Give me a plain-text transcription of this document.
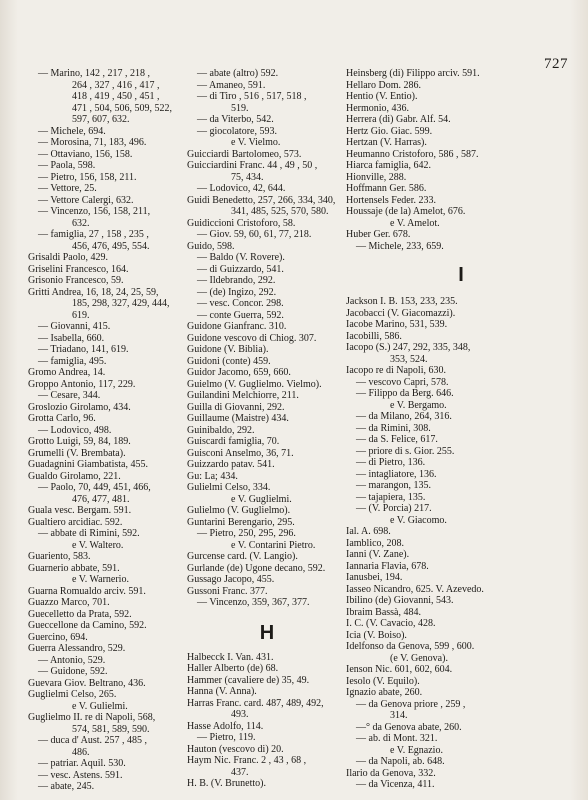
727
— Marino, 142 , 217 , 218 ,
264 , 327 , 416 , 417 ,
418 , 419 , 450 , 451 ,
471 , 504, 506, 509, 522,
597, 607, 632.
— Michele, 694.
— Morosina, 71, 183, 496.
— Ottaviano, 156, 158.
— Paola, 598.
— Pietro, 156, 158, 211.
— Vettore, 25.
— Vettore Calergi, 632.
— Vincenzo, 156, 158, 211,
632.
— famiglia, 27 , 158 , 235 ,
456, 476, 495, 554.
Grisaldi Paolo, 429.
Griselini Francesco, 164.
Grisonio Francesco, 59.
Gritti Andrea, 16, 18, 24, 25, 59,
185, 298, 327, 429, 444,
619.
— Giovanni, 415.
— Isabella, 660.
— Triadano, 141, 619.
— famiglia, 495.
Gromo Andrea, 14.
Groppo Antonio, 117, 229.
— Cesare, 344.
Groslozio Girolamo, 434.
Grotta Carlo, 96.
— Lodovico, 498.
Grotto Luigi, 59, 84, 189.
Grumelli (V. Brembata).
Guadagnini Giambatista, 455.
Gualdo Girolamo, 221.
— Paolo, 70, 449, 451, 466,
476, 477, 481.
Guala vesc. Bergam. 591.
Gualtiero arcidiac. 592.
— abbate di Rimini, 592.
e V. Waltero.
Guariento, 583.
Guarnerio abbate, 591.
e V. Warnerio.
Guarna Romualdo arciv. 591.
Guazzo Marco, 701.
Guecelletto da Prata, 592.
Gueccellone da Camino, 592.
Guercino, 694.
Guerra Alessandro, 529.
— Antonio, 529.
— Guidone, 592.
Guevara Giov. Beltrano, 436.
Guglielmi Celso, 265.
e V. Gulielmi.
Guglielmo II. re di Napoli, 568,
574, 581, 589, 590.
— duca d' Aust. 257 , 485 ,
486.
— patriar. Aquil. 530.
— vesc. Astens. 591.
— abate, 245.
— abate (altro) 592.
— Amaneo, 591.
— di Tiro , 516 , 517, 518 ,
519.
— da Viterbo, 542.
— giocolatore, 593.
e V. Vielmo.
Guicciardi Bartolomeo, 573.
Guicciardini Franc. 44 , 49 , 50 ,
75, 434.
— Lodovico, 42, 644.
Guidi Benedetto, 257, 266, 334, 340,
341, 485, 525, 570, 580.
Guidiccioni Cristoforo, 58.
— Giov. 59, 60, 61, 77, 218.
Guido, 598.
— Baldo (V. Rovere).
— di Guizzardo, 541.
— Ildebrando, 292.
— (de) Ingizo, 292.
— vesc. Concor. 298.
— conte Guerra, 592.
Guidone Gianfranc. 310.
Guidone vescovo di Chiog. 307.
Guidone (V. Biblia).
Guidoni (conte) 459.
Guidor Jacomo, 659, 660.
Guielmo (V. Guglielmo. Vielmo).
Guilandini Melchiorre, 211.
Guilla di Giovanni, 292.
Guillaume (Maistre) 434.
Guinibaldo, 292.
Guiscardi famiglia, 70.
Guisconi Anselmo, 36, 71.
Guizzardo patav. 541.
Gu: La; 434.
Gulielmi Celso, 334.
e V. Guglielmi.
Gulielmo (V. Guglielmo).
Guntarini Berengario, 295.
— Pietro, 250, 295, 296.
e V. Contarini Pietro.
Gurcense card. (V. Langio).
Gurlande (de) Ugone decano, 592.
Gussago Jacopo, 455.
Gussoni Franc. 377.
— Vincenzo, 359, 367, 377.
H
Halbecck I. Van. 431.
Haller Alberto (de) 68.
Hammer (cavaliere de) 35, 49.
Hanna (V. Anna).
Harras Franc. card. 487, 489, 492,
493.
Hasse Adolfo, 114.
— Pietro, 119.
Hauton (vescovo di) 20.
Haym Nic. Franc. 2 , 43 , 68 ,
437.
H. B. (V. Brunetto).
Heinsberg (di) Filippo arciv. 591.
Hellaro Dom. 286.
Hentio (V. Entio).
Hermonio, 436.
Herrera (di) Gabr. Alf. 54.
Hertz Gio. Giac. 599.
Hertzan (V. Harras).
Heumanno Cristoforo, 586 , 587.
Hiarca famiglia, 642.
Hionville, 288.
Hoffmann Ger. 586.
Hortensels Feder. 233.
Houssaje (de la) Amelot, 676.
e V. Amelot.
Huber Ger. 678.
— Michele, 233, 659.
I
Jackson I. B. 153, 233, 235.
Jacobacci (V. Giacomazzi).
Iacobe Marino, 531, 539.
Iacobilli, 586.
Iacopo (S.) 247, 292, 335, 348,
353, 524.
Iacopo re di Napoli, 630.
— vescovo Capri, 578.
— Filippo da Berg. 646.
e V. Bergamo.
— da Milano, 264, 316.
— da Rimini, 308.
— da S. Felice, 617.
— priore di s. Gior. 255.
— di Pietro, 136.
— intagliatore, 136.
— marangon, 135.
— tajapiera, 135.
— (V. Porcia) 217.
e V. Giacomo.
Ial. A. 698.
Iamblico, 208.
Ianni (V. Zane).
Iannaria Flavia, 678.
Ianusbei, 194.
Iasseo Nicandro, 625. V. Azevedo.
Ibilino (de) Giovanni, 543.
Ibraim Bassà, 484.
I. C. (V. Cavacio, 428.
Icia (V. Boiso).
Idelfonso da Genova, 599 , 600.
(e V. Genova).
Ienson Nic. 601, 602, 604.
Iesolo (V. Equilo).
Ignazio abate, 260.
— da Genova priore , 259 ,
314.
—° da Genova abate, 260.
— ab. di Mont. 321.
e V. Egnazio.
— da Napoli, ab. 648.
Ilario da Genova, 332.
— da Vicenza, 411.
